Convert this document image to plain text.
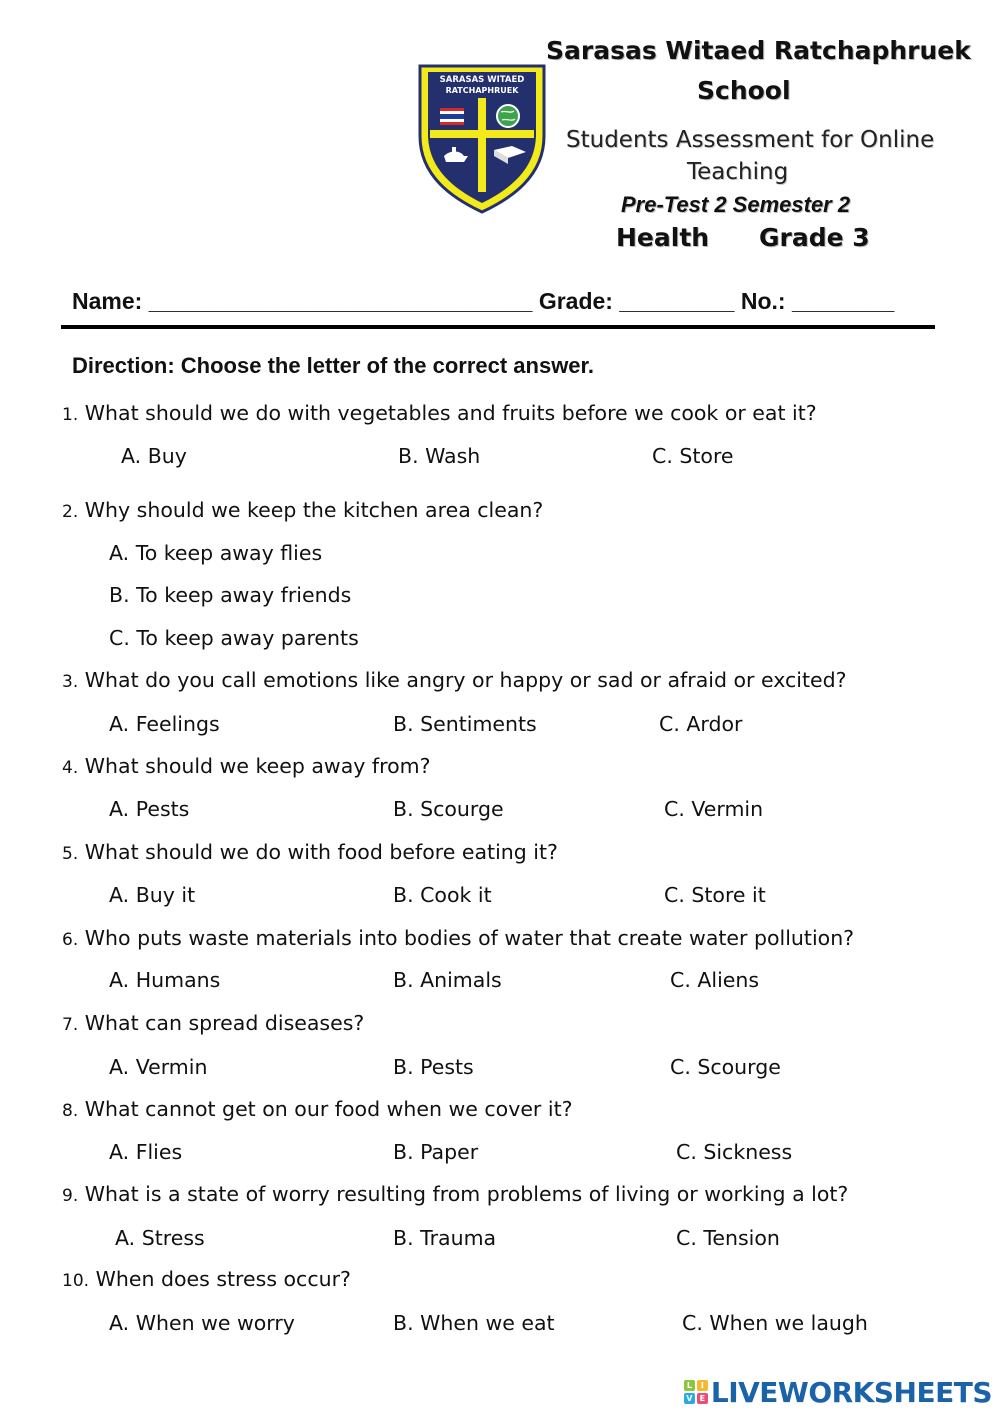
SARASAS WITAED
RATCHAPHRUEK
Sarasas Witaed Ratchaphruek
School
Students Assessment for Online
Teaching
Pre-Test 2 Semester 2
Health Grade 3
Name: ______________________________ Grade: _________ No.: ________
Direction: Choose the letter of the correct answer.
1. What should we do with vegetables and fruits before we cook or eat it?
A. Buy	B. Wash	C. Store
2. Why should we keep the kitchen area clean?
A. To keep away flies
B. To keep away friends
C. To keep away parents
3. What do you call emotions like angry or happy or sad or afraid or excited?
A. Feelings	B. Sentiments	C. Ardor
4. What should we keep away from?
A. Pests	B. Scourge	C. Vermin
5. What should we do with food before eating it?
A. Buy it	B. Cook it	C. Store it
6. Who puts waste materials into bodies of water that create water pollution?
A. Humans	B. Animals	C. Aliens
7. What can spread diseases?
A. Vermin	B. Pests	C. Scourge
8. What cannot get on our food when we cover it?
A. Flies	B. Paper	C. Sickness
9. What is a state of worry resulting from problems of living or working a lot?
A. Stress	B. Trauma	C. Tension
10. When does stress occur?
A. When we worry	B. When we eat	C. When we laugh
L	I
V E LIVEWORKSHEETS
